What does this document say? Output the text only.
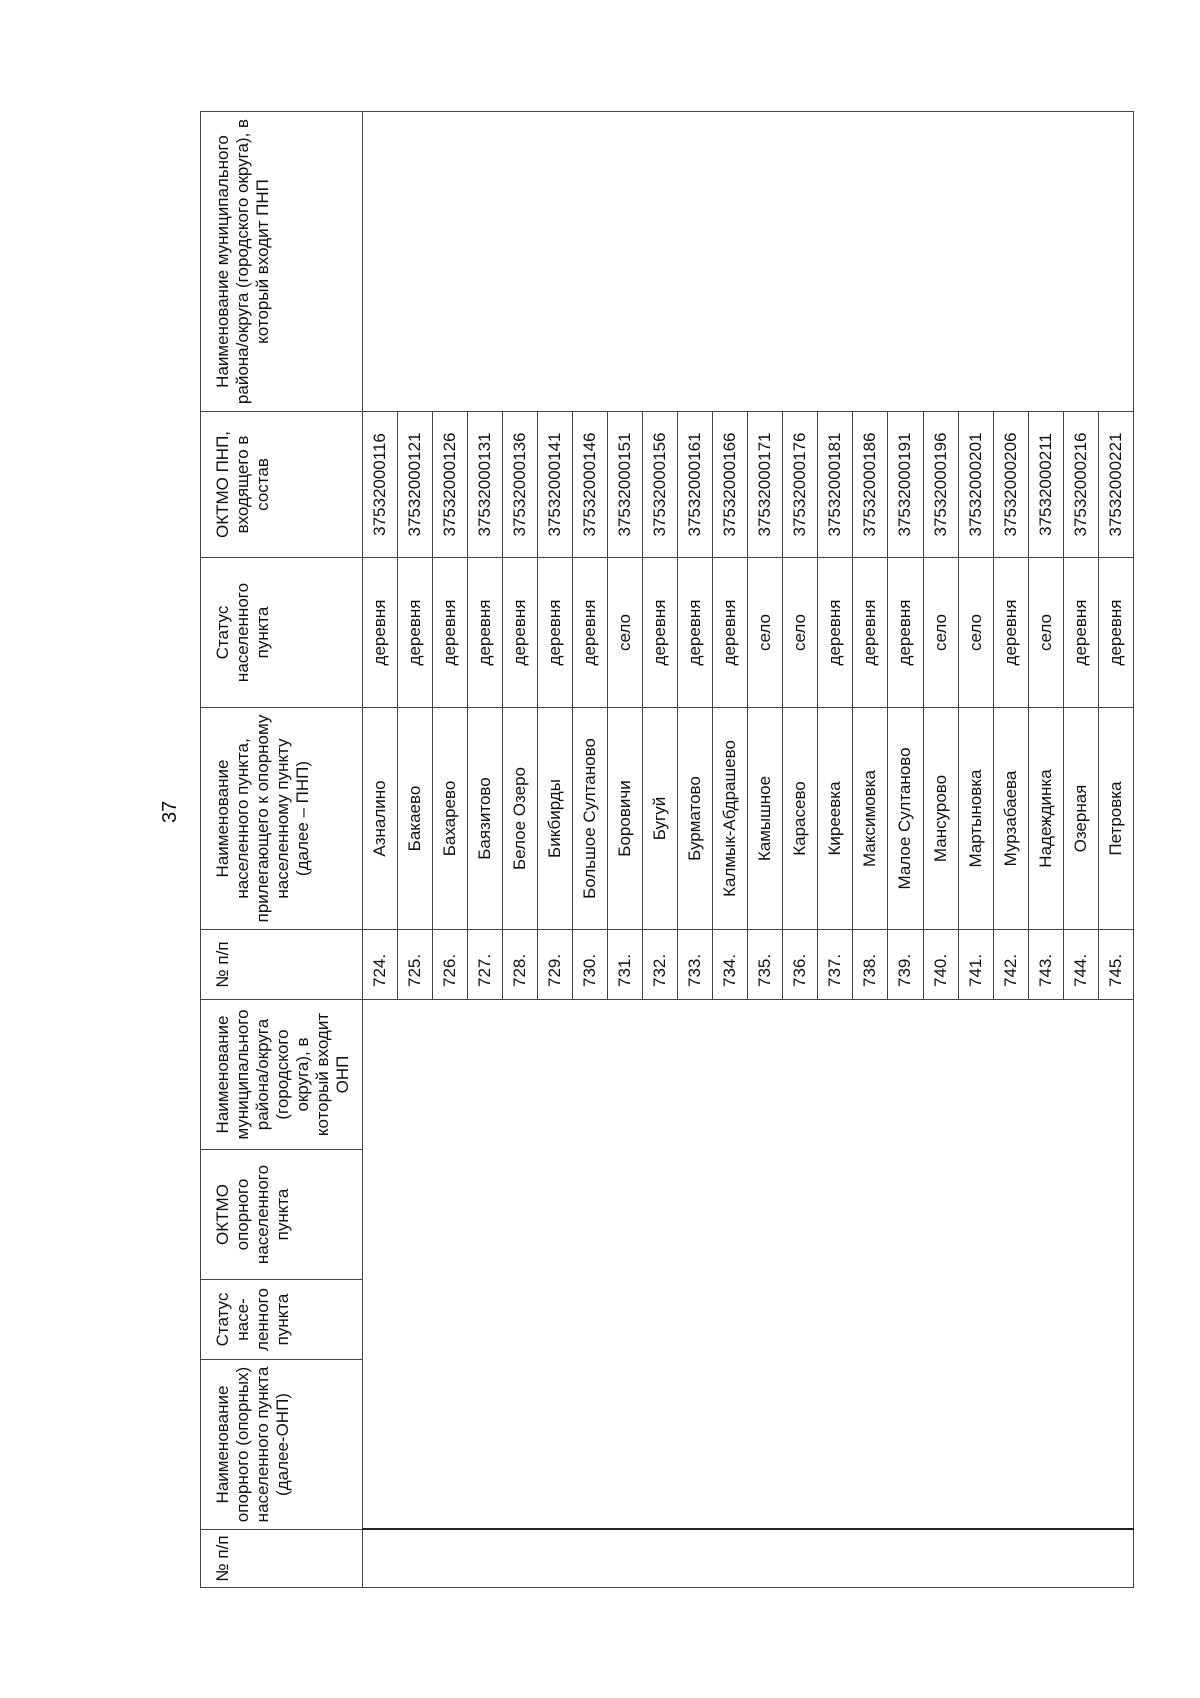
37
№ п/п	Наименование опорного (опорных) населенного пункта (далее-ОНП)	Статус насе-ленного пункта	ОКТМО опорного населенного пункта	Наименование муниципального района/округа (городского округа), в который входит ОНП	№ п/п	Наименование населенного пункта, прилегающего к опорному населенному пункту (далее – ПНП)	Статус населенного пункта	ОКТМО ПНП, входящего в состав	Наименование муниципального района/округа (городского округа), в который входит ПНП
					724.	Азналино	деревня	37532000116	
					725.	Бакаево	деревня	37532000121	
					726.	Бахарево	деревня	37532000126	
					727.	Баязитово	деревня	37532000131	
					728.	Белое Озеро	деревня	37532000136	
					729.	Бикбирды	деревня	37532000141	
					730.	Большое Султаново	деревня	37532000146	
					731.	Боровичи	село	37532000151	
					732.	Бугуй	деревня	37532000156	
					733.	Бурматово	деревня	37532000161	
					734.	Калмык-Абдрашево	деревня	37532000166	
					735.	Камышное	село	37532000171	
					736.	Карасево	село	37532000176	
					737.	Киреевка	деревня	37532000181	
					738.	Максимовка	деревня	37532000186	
					739.	Малое Султаново	деревня	37532000191	
					740.	Мансурово	село	37532000196	
					741.	Мартыновка	село	37532000201	
					742.	Мурзабаева	деревня	37532000206	
					743.	Надеждинка	село	37532000211	
					744.	Озерная	деревня	37532000216	
					745.	Петровка	деревня	37532000221	
